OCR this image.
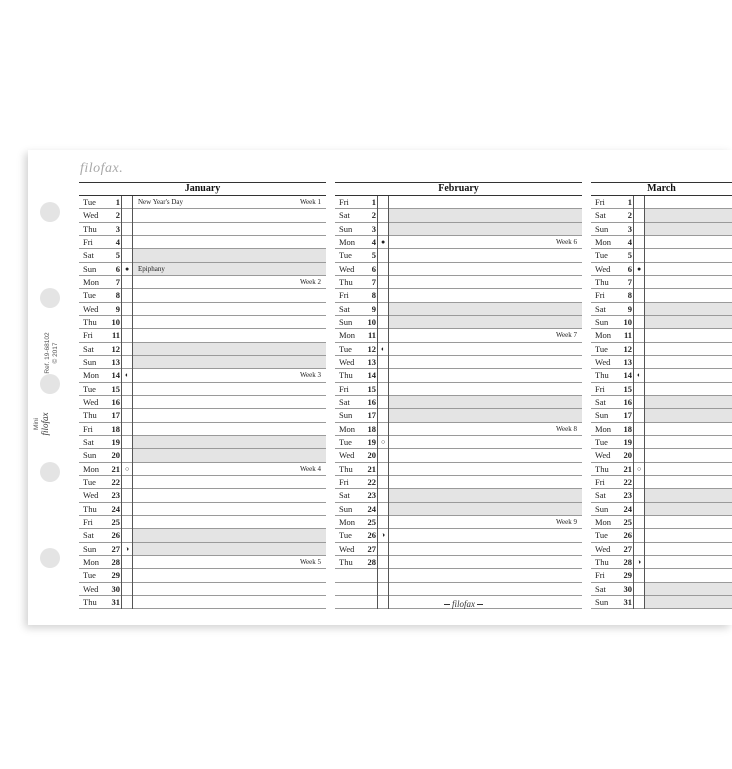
filofax.
Ref. 19-68102
© 2017
Mini filofax
January
Tue	1	New Year's Day	Week 1
Wed	2
Thu	3
Fri	4
Sat	5
Sun	6 ●	Epiphany
Mon	7	Week 2
Tue	8
Wed	9
Thu	10
Fri	11
Sat	12
Sun	13
Mon	14 ◐	Week 3
Tue	15
Wed	16
Thu	17
Fri	18
Sat	19
Sun	20
Mon	21 ○	Week 4
Tue	22
Wed	23
Thu	24
Fri	25
Sat	26
Sun	27 ◑
Mon	28	Week 5
Tue	29
Wed	30
Thu	31
February
Fri	1
Sat	2
Sun	3
Mon	4 ●	Week 6
Tue	5
Wed	6
Thu	7
Fri	8
Sat	9
Sun	10
Mon	11	Week 7
Tue	12 ◐
Wed	13
Thu	14
Fri	15
Sat	16
Sun	17
Mon	18	Week 8
Tue	19 ○
Wed	20
Thu	21
Fri	22
Sat	23
Sun	24
Mon	25	Week 9
Tue	26 ◑
Wed	27
Thu	28
March
Fri	1
Sat	2
Sun	3
Mon	4
Tue	5
Wed	6 ●
Thu	7
Fri	8
Sat	9
Sun	10
Mon	11
Tue	12
Wed	13
Thu	14 ◐
Fri	15
Sat	16
Sun	17
Mon	18
Tue	19
Wed	20
Thu	21 ○
Fri	22
Sat	23
Sun	24
Mon	25
Tue	26
Wed	27
Thu	28 ◑
Fri	29
Sat	30
Sun	31
filofax
